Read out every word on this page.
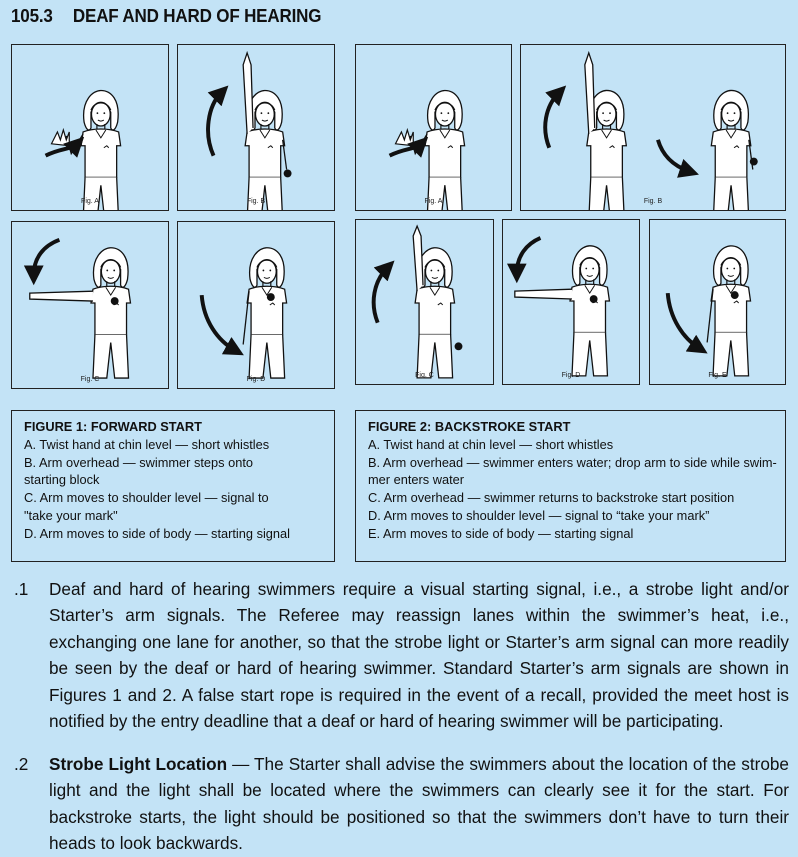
105.3 DEAF AND HARD OF HEARING
Fig. A	Fig. B
Fig. C	Fig. D
Fig. A	Fig. B
Fig. C	Fig. D	Fig. E
FIGURE 1: FORWARD START
A. Twist hand at chin level — short whistles
B. Arm overhead — swimmer steps onto
starting block
C. Arm moves to shoulder level — signal to
"take your mark"
D. Arm moves to side of body — starting signal
FIGURE 2: BACKSTROKE START
A. Twist hand at chin level — short whistles
B. Arm overhead — swimmer enters water; drop arm to side while swim-
mer enters water
C. Arm overhead — swimmer returns to backstroke start position
D. Arm moves to shoulder level — signal to “take your mark”
E. Arm moves to side of body — starting signal
.1 Deaf and hard of hearing swimmers require a visual starting signal, i.e., a strobe light and/or Starter’s arm signals. The Referee may reassign lanes within the swimmer’s heat, i.e., exchanging one lane for another, so that the strobe light or Starter’s arm signal can more readily be seen by the deaf or hard of hearing swimmer. Standard Starter’s arm signals are shown in Figures 1 and 2. A false start rope is required in the event of a recall, provided the meet host is notified by the entry deadline that a deaf or hard of hearing swimmer will be participating.
.2 Strobe Light Location — The Starter shall advise the swimmers about the location of the strobe light and the light shall be located where the swimmers can clearly see it for the start. For backstroke starts, the light should be positioned so that the swimmers don’t have to turn their heads to look backwards.
